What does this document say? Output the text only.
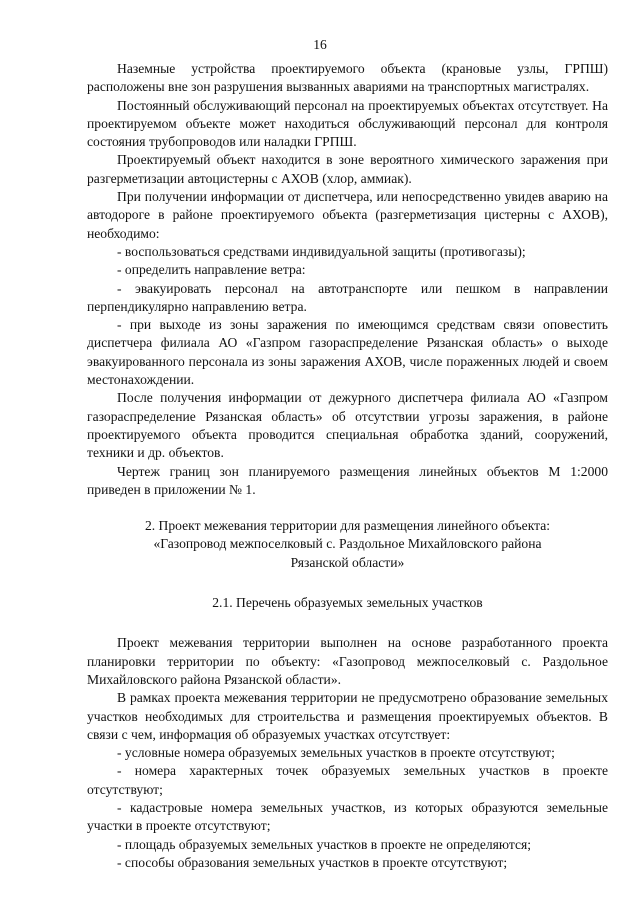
16

Наземные устройства проектируемого объекта (крановые узлы, ГРПШ) расположены вне зон разрушения вызванных авариями на транспортных магистралях.

Постоянный обслуживающий персонал на проектируемых объектах отсутствует. На проектируемом объекте может находиться обслуживающий персонал для контроля состояния трубопроводов или наладки ГРПШ.

Проектируемый объект находится в зоне вероятного химического заражения при разгерметизации автоцистерны с АХОВ (хлор, аммиак).

При получении информации от диспетчера, или непосредственно увидев аварию на автодороге в районе проектируемого объекта (разгерметизация цистерны с АХОВ), необходимо:

- воспользоваться средствами индивидуальной защиты (противогазы);

- определить направление ветра:

- эвакуировать персонал на автотранспорте или пешком в направлении перпендикулярно направлению ветра.

- при выходе из зоны заражения по имеющимся средствам связи оповестить диспетчера филиала АО «Газпром газораспределение Рязанская область» о выходе эвакуированного персонала из зоны заражения АХОВ, числе пораженных людей и своем местонахождении.

После получения информации от дежурного диспетчера филиала АО «Газпром газораспределение Рязанская область» об отсутствии угрозы заражения, в районе проектируемого объекта проводится специальная обработка зданий, сооружений, техники и др. объектов.

Чертеж границ зон планируемого размещения линейных объектов М 1:2000 приведен в приложении № 1.

2. Проект межевания территории для размещения линейного объекта:

«Газопровод межпоселковый с. Раздольное Михайловского района

Рязанской области»

2.1. Перечень образуемых земельных участков

Проект межевания территории выполнен на основе разработанного проекта планировки территории по объекту: «Газопровод межпоселковый с. Раздольное Михайловского района Рязанской области».

В рамках проекта межевания территории не предусмотрено образование земельных участков необходимых для строительства и размещения проектируемых объектов. В связи с чем, информация об образуемых участках отсутствует:

- условные номера образуемых земельных участков в проекте отсутствуют;

- номера характерных точек образуемых земельных участков в проекте отсутствуют;

- кадастровые номера земельных участков, из которых образуются земельные участки в проекте отсутствуют;

- площадь образуемых земельных участков в проекте не определяются;

- способы образования земельных участков в проекте отсутствуют;
